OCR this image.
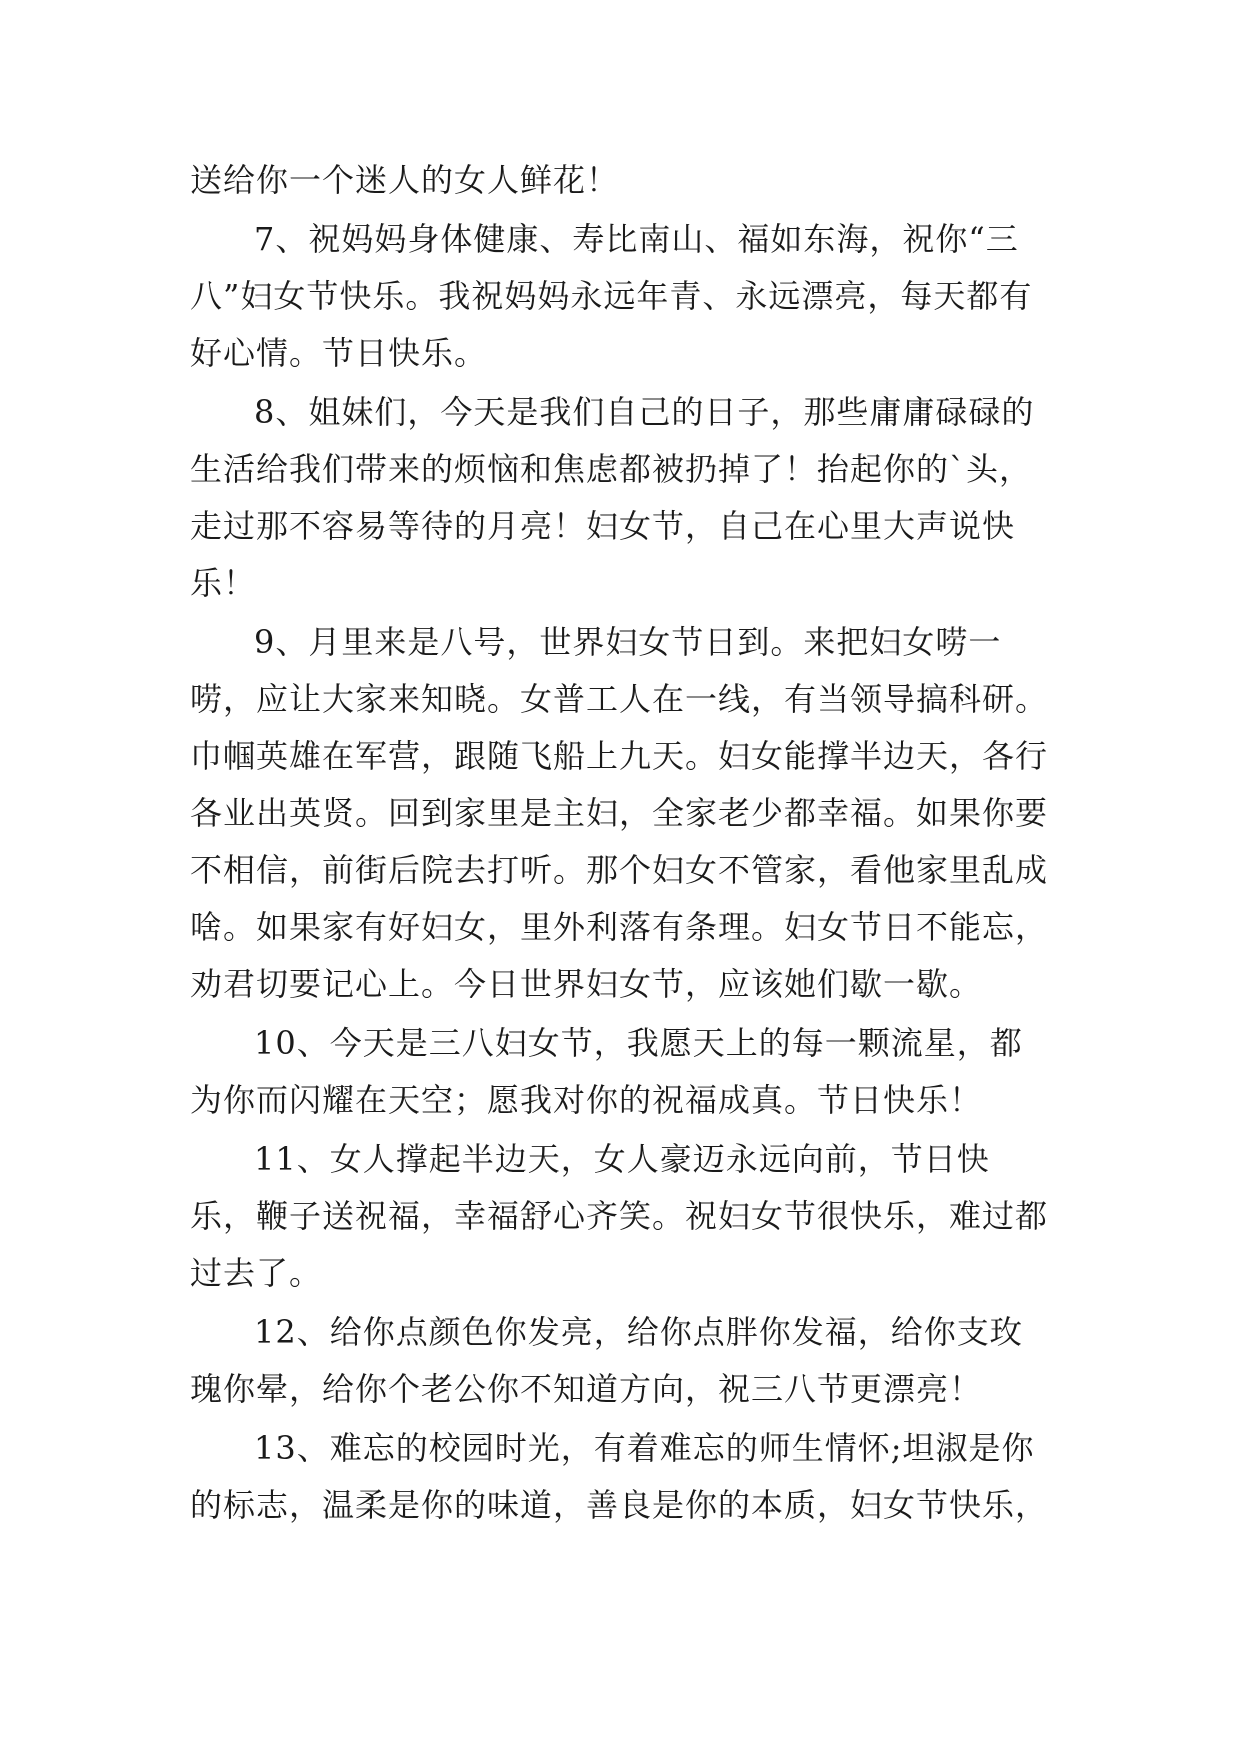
送给你一个迷人的女人鲜花！

7、祝妈妈身体健康、寿比南山、福如东海，祝你“三八”妇女节快乐。我祝妈妈永远年青、永远漂亮，每天都有好心情。节日快乐。

8、姐妹们，今天是我们自己的日子，那些庸庸碌碌的生活给我们带来的烦恼和焦虑都被扔掉了！抬起你的`头，走过那不容易等待的月亮！妇女节，自己在心里大声说快乐！

9、月里来是八号，世界妇女节日到。来把妇女唠一唠，应让大家来知晓。女普工人在一线，有当领导搞科研。巾帼英雄在军营，跟随飞船上九天。妇女能撑半边天，各行各业出英贤。回到家里是主妇，全家老少都幸福。如果你要不相信，前街后院去打听。那个妇女不管家，看他家里乱成啥。如果家有好妇女，里外利落有条理。妇女节日不能忘，劝君切要记心上。今日世界妇女节，应该她们歇一歇。

10、今天是三八妇女节，我愿天上的每一颗流星，都为你而闪耀在天空；愿我对你的祝福成真。节日快乐！

11、女人撑起半边天，女人豪迈永远向前，节日快乐，鞭子送祝福，幸福舒心齐笑。祝妇女节很快乐，难过都过去了。

12、给你点颜色你发亮，给你点胖你发福，给你支玫瑰你晕，给你个老公你不知道方向，祝三八节更漂亮！

13、难忘的校园时光，有着难忘的师生情怀;坦淑是你的标志，温柔是你的味道，善良是你的本质，妇女节快乐，
